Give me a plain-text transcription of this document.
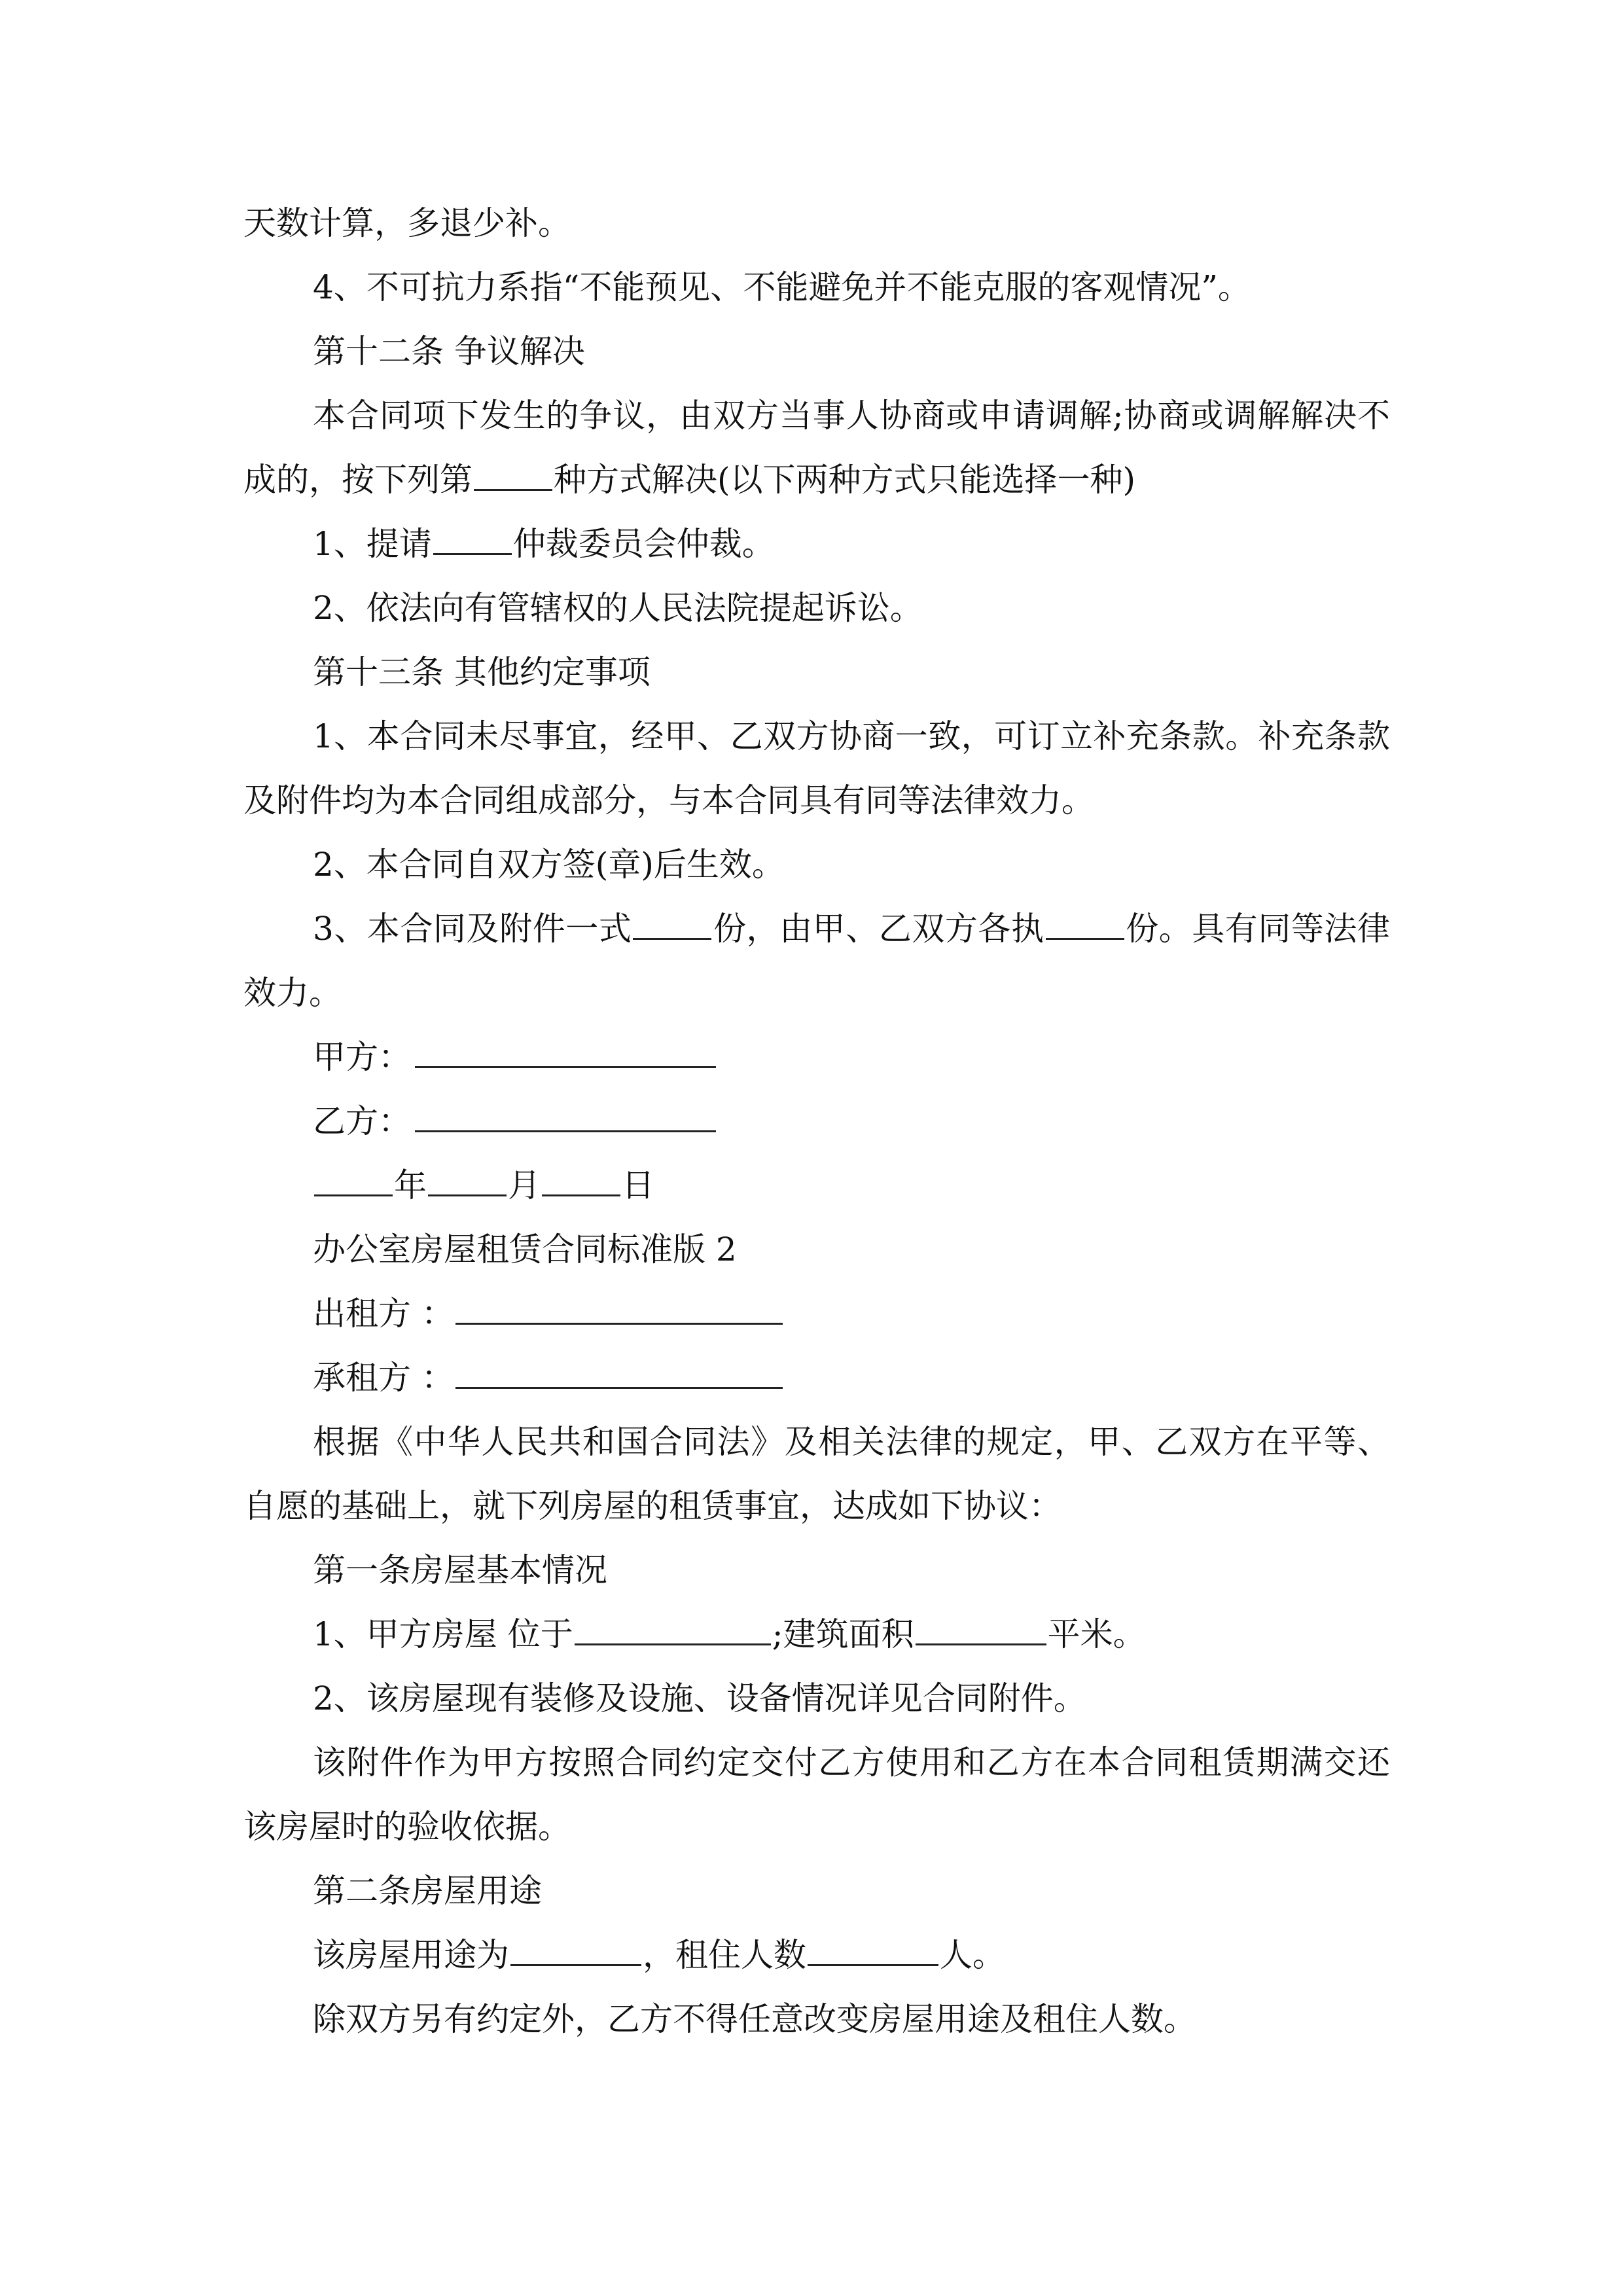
天数计算，多退少补。

4、不可抗力系指“不能预见、不能避免并不能克服的客观情况”。

第十二条 争议解决

本合同项下发生的争议，由双方当事人协商或申请调解;协商或调解解决不成的，按下列第 种方式解决(以下两种方式只能选择一种)

1、提请 仲裁委员会仲裁。

2、依法向有管辖权的人民法院提起诉讼。

第十三条 其他约定事项

1、本合同未尽事宜，经甲、乙双方协商一致，可订立补充条款。补充条款及附件均为本合同组成部分，与本合同具有同等法律效力。

2、本合同自双方签(章)后生效。

3、本合同及附件一式 份，由甲、乙双方各执 份。具有同等法律效力。

甲方：

乙方：

年 月 日

办公室房屋租赁合同标准版 2

出租方 ：

承租方 ：

根据《中华人民共和国合同法》及相关法律的规定，甲、乙双方在平等、自愿的基础上，就下列房屋的租赁事宜，达成如下协议：

第一条房屋基本情况

1、甲方房屋 位于	;建筑面积	平米。

2、该房屋现有装修及设施、设备情况详见合同附件。

该附件作为甲方按照合同约定交付乙方使用和乙方在本合同租赁期满交还该房屋时的验收依据。

第二条房屋用途

该房屋用途为	，租住人数	人。

除双方另有约定外，乙方不得任意改变房屋用途及租住人数。
